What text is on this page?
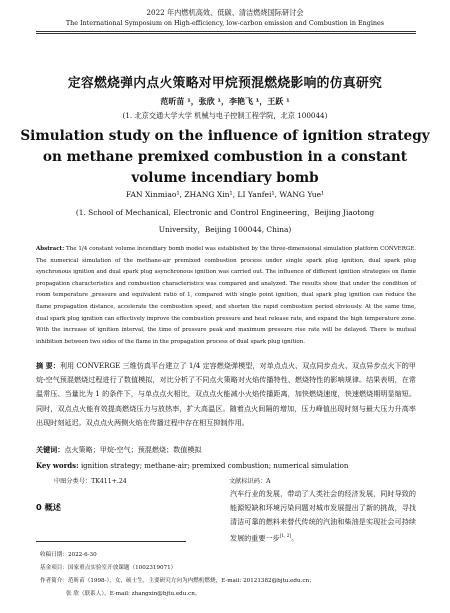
2022 年内燃机高效、低碳、清洁燃烧国际研讨会
The International Symposium on High-efficiency, low-carbon emission and Combustion in Engines
定容燃烧弹内点火策略对甲烷预混燃烧影响的仿真研究
范昕苗 ¹，张欣 ¹，李艳飞 ¹，王跃 ¹
(1. 北京交通大学大学 机械与电子控制工程学院，北京 100044)
Simulation study on the influence of ignition strategy
on methane premixed combustion in a constant
volume incendiary bomb
FAN Xinmiao¹, ZHANG Xin¹, LI Yanfei¹, WANG Yue¹
(1. School of Mechanical, Electronic and Control Engineering，Beijing Jiaotong
University，Beijing 100044, China)
Abstract: The 1/4 constant volume incendiary bomb model was established by the three-dimensional simulation platform CONVERGE. The numerical simulation of the methane-air premixed combustion process under single spark plug ignition, dual spark plug synchronous ignition and dual spark plug asynchronous ignition was carried out. The influence of different ignition strategies on flame propagation characteristics and combustion characteristics was compared and analyzed. The results show that under the condition of room temperature ,pressure and equivalent ratio of 1, compared with single point ignition, dual spark plug ignition can reduce the flame propagation distance, accelerate the combustion speed, and shorten the rapid combustion period obviously. At the same time, dual spark plug ignition can effectively improve the combustion pressure and heat release rate, and expand the high temperature zone. With the increase of ignition interval, the time of pressure peak and maximum pressure rise rate will be delayed. There is mutual inhibition between two sides of the flame in the propagation process of dual spark plug ignition.
摘 要：利用 CONVERGE 三维仿真平台建立了 1/4 定容燃烧弹模型，对单点点火、双点同步点火、双点异步点火下的甲烷-空气预混燃烧过程进行了数值模拟，对比分析了不同点火策略对火焰传播特性、燃烧特性的影响规律。结果表明，在常温常压、当量比为 1 的条件下，与单点点火相比，双点点火能减小火焰传播距离，加快燃烧速度，快速燃烧期明显缩短。同时，双点点火能有效提高燃烧压力与放热率，扩大高温区。随着点火间隔的增加，压力峰值出现时刻与最大压力升高率出现时刻延迟。双点点火两侧火焰在传播过程中存在相互抑制作用。
关键词：点火策略；甲烷-空气；预混燃烧；数值模拟
Key words: ignition strategy; methane-air; premixed combustion; numerical simulation
中图分类号：TK411+.24	文献标识码：A
0 概述
汽车行业的发展，带动了人类社会的经济发展，同时导致的能源短缺和环境污染问题对城市发展提出了新的挑战，寻找清洁可靠的燃料来替代传统的汽油和柴油是实现社会可持续发展的重要一步[1, 2]。
收稿日期：2022-6-30
基金项目：国家重点实验室开放课题（1002319071）
作者简介：范昕苗（1998-），女，硕士生，主要研究方向为内燃机燃烧，E-mail: 20121382@bjtu.edu.cn；
张 欣（联系人），E-mail: zhangxin@bjtu.edu.cn。
